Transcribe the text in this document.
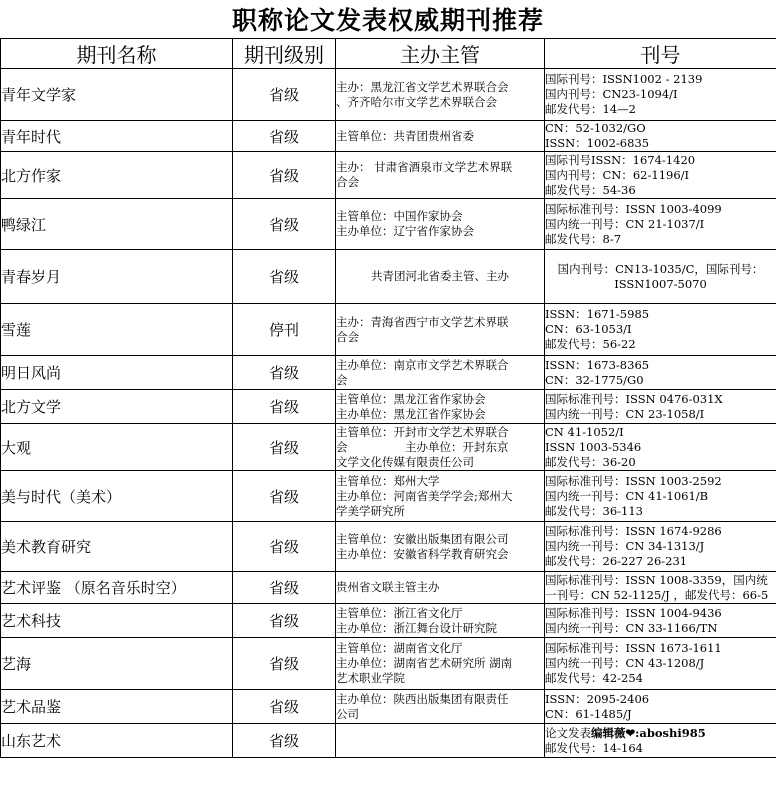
职称论文发表权威期刊推荐
期刊名称	期刊级别	主办主管	刊号
青年文学家	省级	主办：黑龙江省文学艺术界联合会
、齐齐哈尔市文学艺术界联合会	国际刊号：ISSN1002 - 2139
国内刊号：CN23-1094/I
邮发代号：14—2

青年时代	省级	主管单位：共青团贵州省委	CN：52-1032/GO
ISSN：1002-6835

北方作家	省级	主办： 甘肃省酒泉市文学艺术界联
合会	国际刊号ISSN：1674-1420
国内刊号：CN：62-1196/I
邮发代号：54-36

鸭绿江	省级	主管单位：中国作家协会
主办单位：辽宁省作家协会	国际标准刊号：ISSN 1003-4099
国内统一刊号：CN 21-1037/I
邮发代号：8-7

青春岁月	省级	共青团河北省委主管、主办	国内刊号：CN13-1035/C，国际刊号：
ISSN1007-5070

雪莲	停刊	主办：青海省西宁市文学艺术界联
合会	ISSN：1671-5985
CN：63-1053/I
邮发代号：56-22

明日风尚	省级	主办单位：南京市文学艺术界联合
会	ISSN：1673-8365
CN：32-1775/G0

北方文学	省级	主管单位：黑龙江省作家协会
主办单位：黑龙江省作家协会	国际标准刊号：ISSN 0476-031X
国内统一刊号：CN 23-1058/I

大观	省级	主管单位：开封市文学艺术界联合
会　　　　　主办单位：开封东京
文学文化传媒有限责任公司	CN 41-1052/I
ISSN 1003-5346
邮发代号：36-20

美与时代（美术）	省级	主管单位：郑州大学
主办单位：河南省美学学会;郑州大
学美学研究所	国际标准刊号：ISSN 1003-2592
国内统一刊号：CN 41-1061/B
邮发代号：36-113

美术教育研究	省级	主管单位：安徽出版集团有限公司
主办单位：安徽省科学教育研究会	国际标准刊号：ISSN 1674-9286
国内统一刊号：CN 34-1313/J
邮发代号：26-227 26-231

艺术评鉴 （原名音乐时空）	省级	贵州省文联主管主办	国际标准刊号：ISSN 1008-3359，国内统
一刊号：CN 52-1125/J ，邮发代号：66-5

艺术科技	省级	主管单位：浙江省文化厅
主办单位：浙江舞台设计研究院	国际标准刊号：ISSN 1004-9436
国内统一刊号：CN 33-1166/TN

艺海	省级	主管单位：湖南省文化厅
主办单位：湖南省艺术研究所 湖南
艺术职业学院	国际标准刊号：ISSN 1673-1611
国内统一刊号：CN 43-1208/J
邮发代号：42-254

艺术品鉴	省级	主办单位：陕西出版集团有限责任
公司	ISSN：2095-2406
CN：61-1485/J

山东艺术	省级		论文发表编辑薇❤:aboshi985
邮发代号：14-164
